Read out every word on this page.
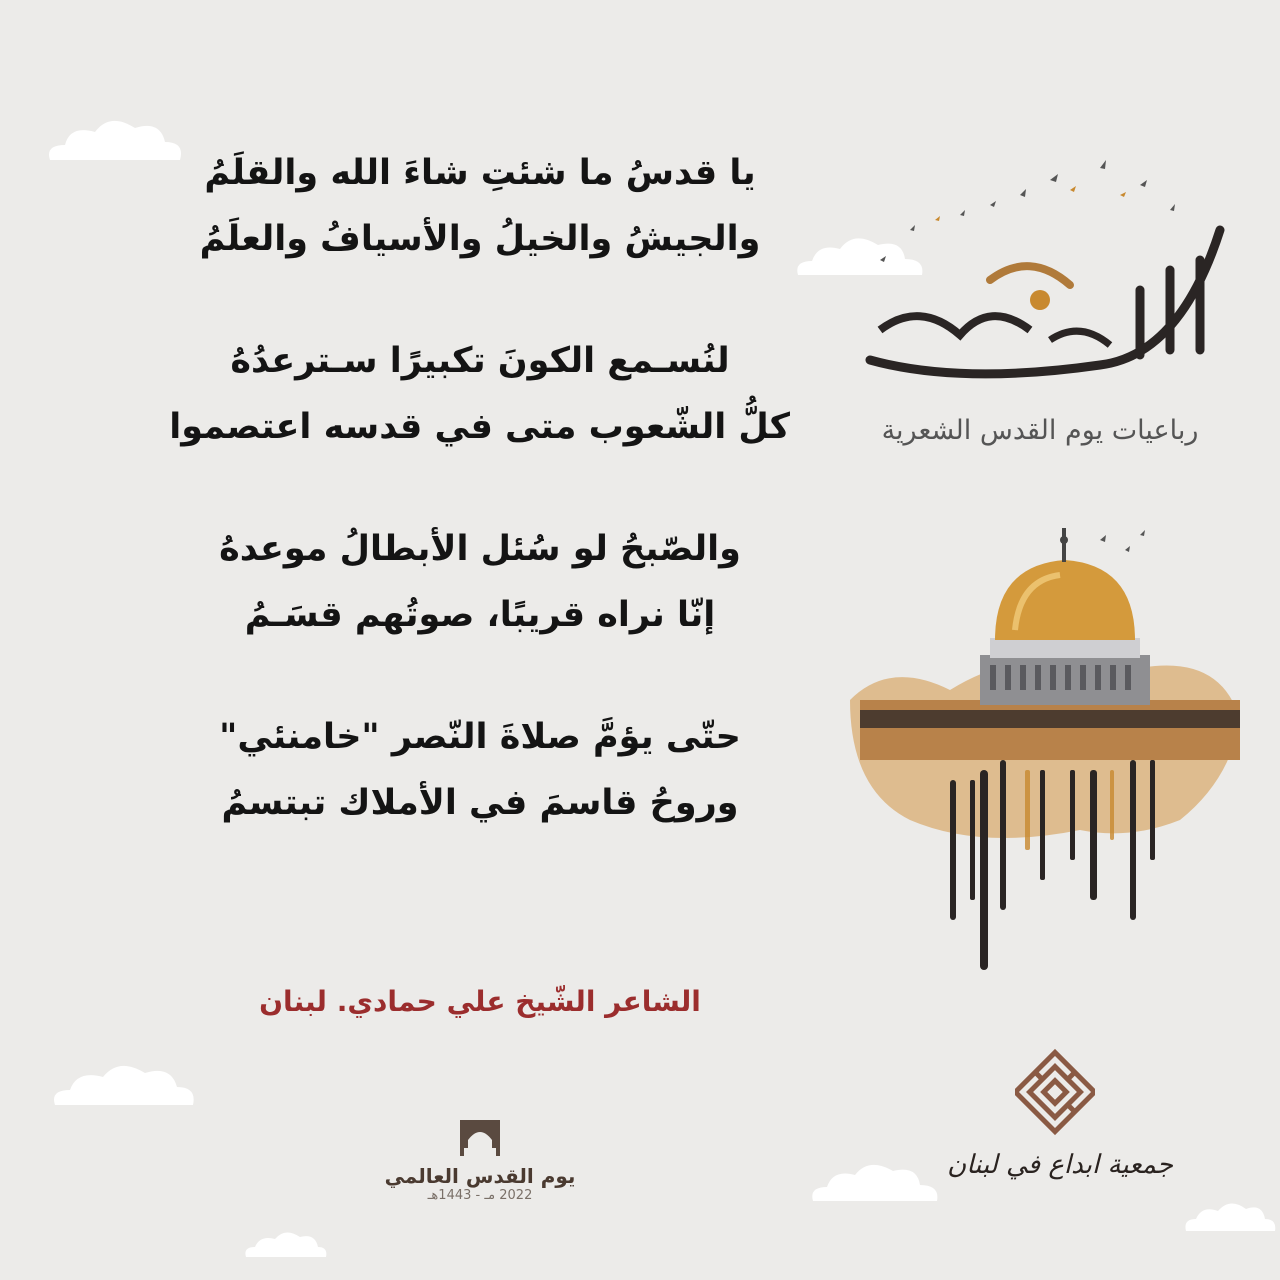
يا قدسُ ما شئتِ شاءَ الله والقلَمُ
والجيشُ والخيلُ والأسيافُ والعلَمُ
لنُسـمع الكونَ تكبيرًا سـترعدُهُ
كلُّ الشّعوب متى في قدسه اعتصموا
والصّبحُ لو سُئل الأبطالُ موعدهُ
إنّا نراه قريبًا، صوتُهم قسَـمُ
حتّى يؤمَّ صلاةَ النّصر "خامنئي"
وروحُ قاسمَ في الأملاك تبتسمُ
الشاعر الشّيخ علي حمادي. لبنان
يوم القدس العالمي
2022 مـ - 1443هـ
رباعيات يوم القدس الشعرية
جمعية ابداع في لبنان
